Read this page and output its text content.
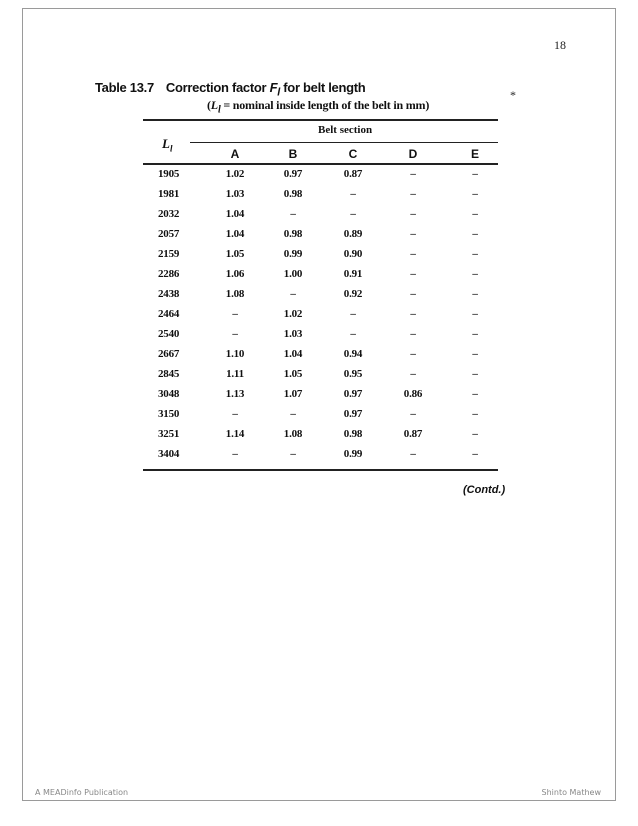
18
Table 13.7 Correction factor $F_l$ for belt length
($L_l$ = nominal inside length of the belt in mm)
*
$L_l$
Belt section
A	B	C	D	E
1905	1.02	0.97	0.87	–	–
1981	1.03	0.98	–	–	–
2032	1.04	–	–	–	–
2057	1.04	0.98	0.89	–	–
2159	1.05	0.99	0.90	–	–
2286	1.06	1.00	0.91	–	–
2438	1.08	–	0.92	–	–
2464	–	1.02	–	–	–
2540	–	1.03	–	–	–
2667	1.10	1.04	0.94	–	–
2845	1.11	1.05	0.95	–	–
3048	1.13	1.07	0.97	0.86	–
3150	–	–	0.97	–	–
3251	1.14	1.08	0.98	0.87	–
3404	–	–	0.99	–	–
(Contd.)
A MEADinfo Publication	Shinto Mathew
